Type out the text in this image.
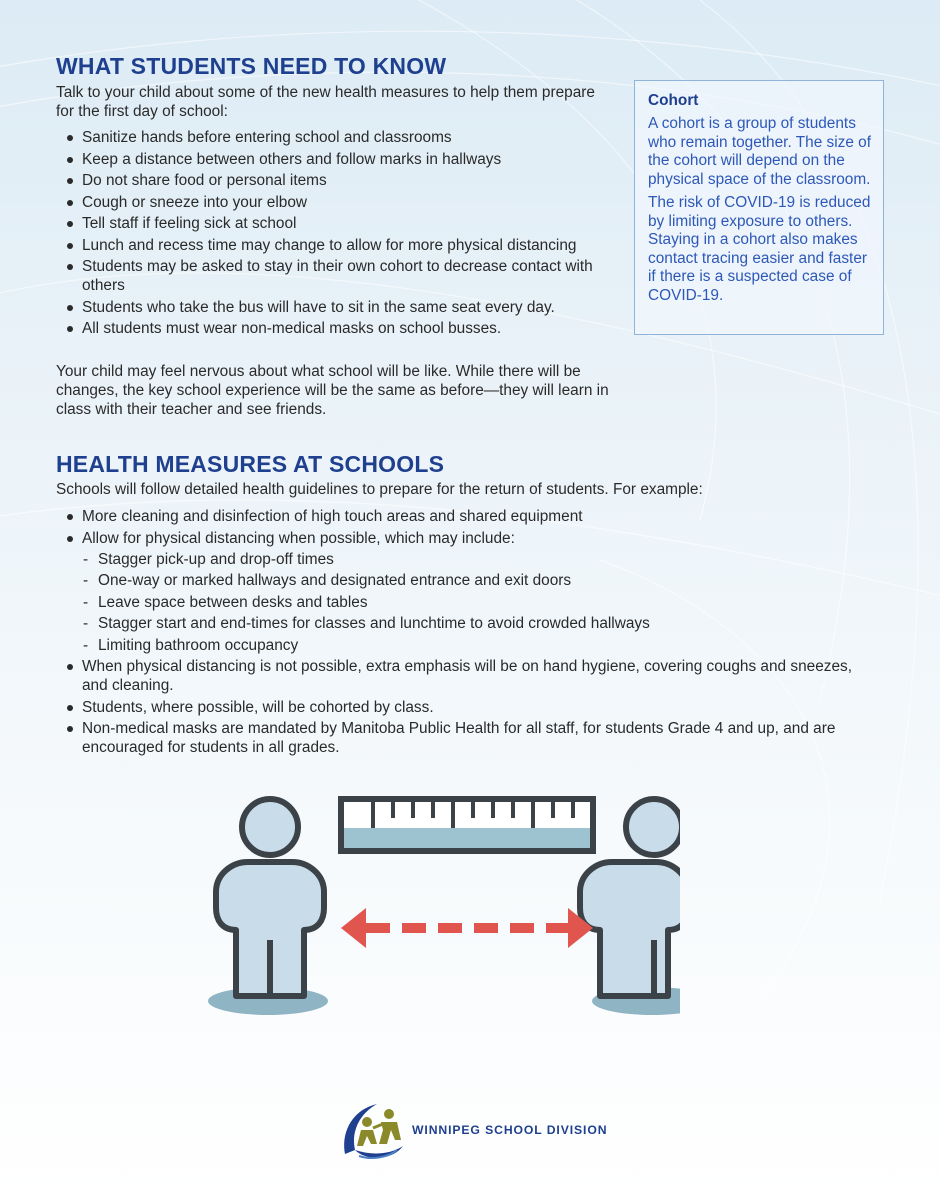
WHAT STUDENTS NEED TO KNOW

Talk to your child about some of the new health measures to help them prepare for the first day of school:

Sanitize hands before entering school and classrooms
Keep a distance between others and follow marks in hallways
Do not share food or personal items
Cough or sneeze into your elbow
Tell staff if feeling sick at school
Lunch and recess time may change to allow for more physical distancing
Students may be asked to stay in their own cohort to decrease contact with others
Students who take the bus will have to sit in the same seat every day.
All students must wear non-medical masks on school busses.

Your child may feel nervous about what school will be like. While there will be changes, the key school experience will be the same as before—they will learn in class with their teacher and see friends.

Cohort

A cohort is a group of students who remain together. The size of the cohort will depend on the physical space of the classroom.

The risk of COVID-19 is reduced by limiting exposure to others. Staying in a cohort also makes contact tracing easier and faster if there is a suspected case of COVID-19.

HEALTH MEASURES AT SCHOOLS

Schools will follow detailed health guidelines to prepare for the return of students. For example:

More cleaning and disinfection of high touch areas and shared equipment
Allow for physical distancing when possible, which may include:
- Stagger pick-up and drop-off times
- One-way or marked hallways and designated entrance and exit doors
- Leave space between desks and tables
- Stagger start and end-times for classes and lunchtime to avoid crowded hallways
- Limiting bathroom occupancy
When physical distancing is not possible, extra emphasis will be on hand hygiene, covering coughs and sneezes, and cleaning.
Students, where possible, will be cohorted by class.
Non-medical masks are mandated by Manitoba Public Health for all staff, for students Grade 4 and up, and are encouraged for students in all grades.
WINNIPEG SCHOOL DIVISION
